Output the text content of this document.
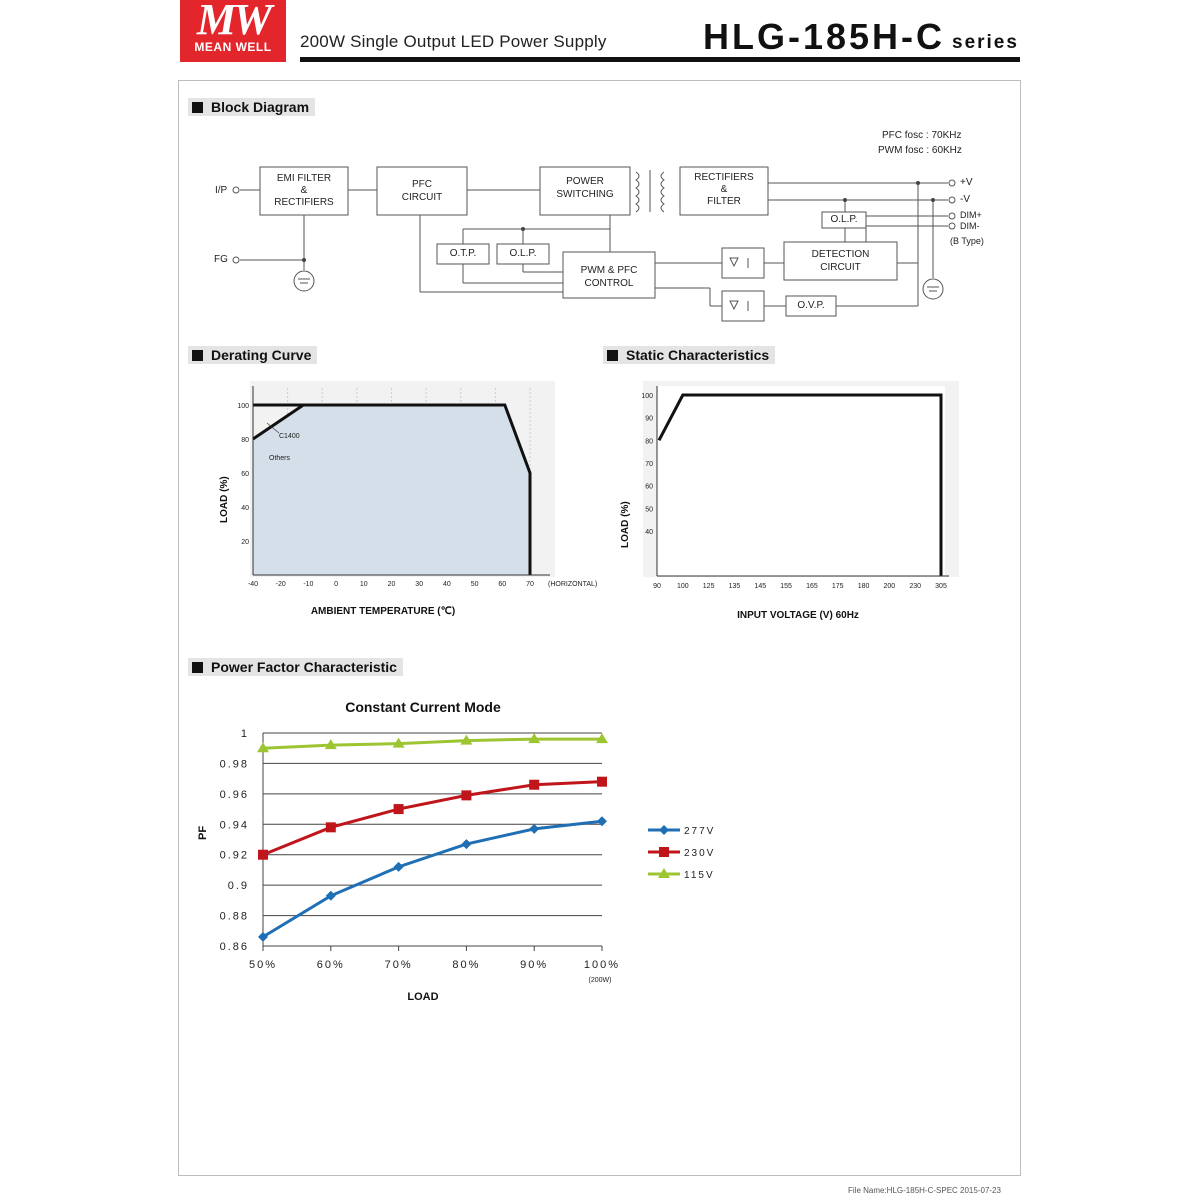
MW
MEAN WELL	200W Single Output LED Power Supply	HLG-185H-C series
Block Diagram
PFC fosc : 70KHz
PWM fosc : 60KHz
I/P
FG
EMI FILTER
&
RECTIFIERS
PFC
CIRCUIT
POWER
SWITCHING
RECTIFIERS
&
FILTER
O.T.P.	O.L.P.
PWM & PFC
CONTROL
DETECTION
CIRCUIT
O.L.P.
O.V.P.
+V
-V
DIM+
DIM-
(B Type)
Derating Curve
20
40
60
80
100
-40	-20	-10	0	10	20	30	40	50	60	70 (HORIZONTAL)
C1400
Others
LOAD (%)
AMBIENT TEMPERATURE (℃)
Static Characteristics
40
50
60
70
80
90
100
90 100 125 135 145 155 165 175 180 200 230 305
LOAD (%)
INPUT VOLTAGE (V) 60Hz
Power Factor Characteristic
Constant Current Mode
0.86
0.88
0.9
0.92
0.94
0.96
0.98
1
50%	60%	70%	80%	90%	100%
(200W)
LOAD
PF	277V
230V
115V
File Name:HLG-185H-C-SPEC 2015-07-23
